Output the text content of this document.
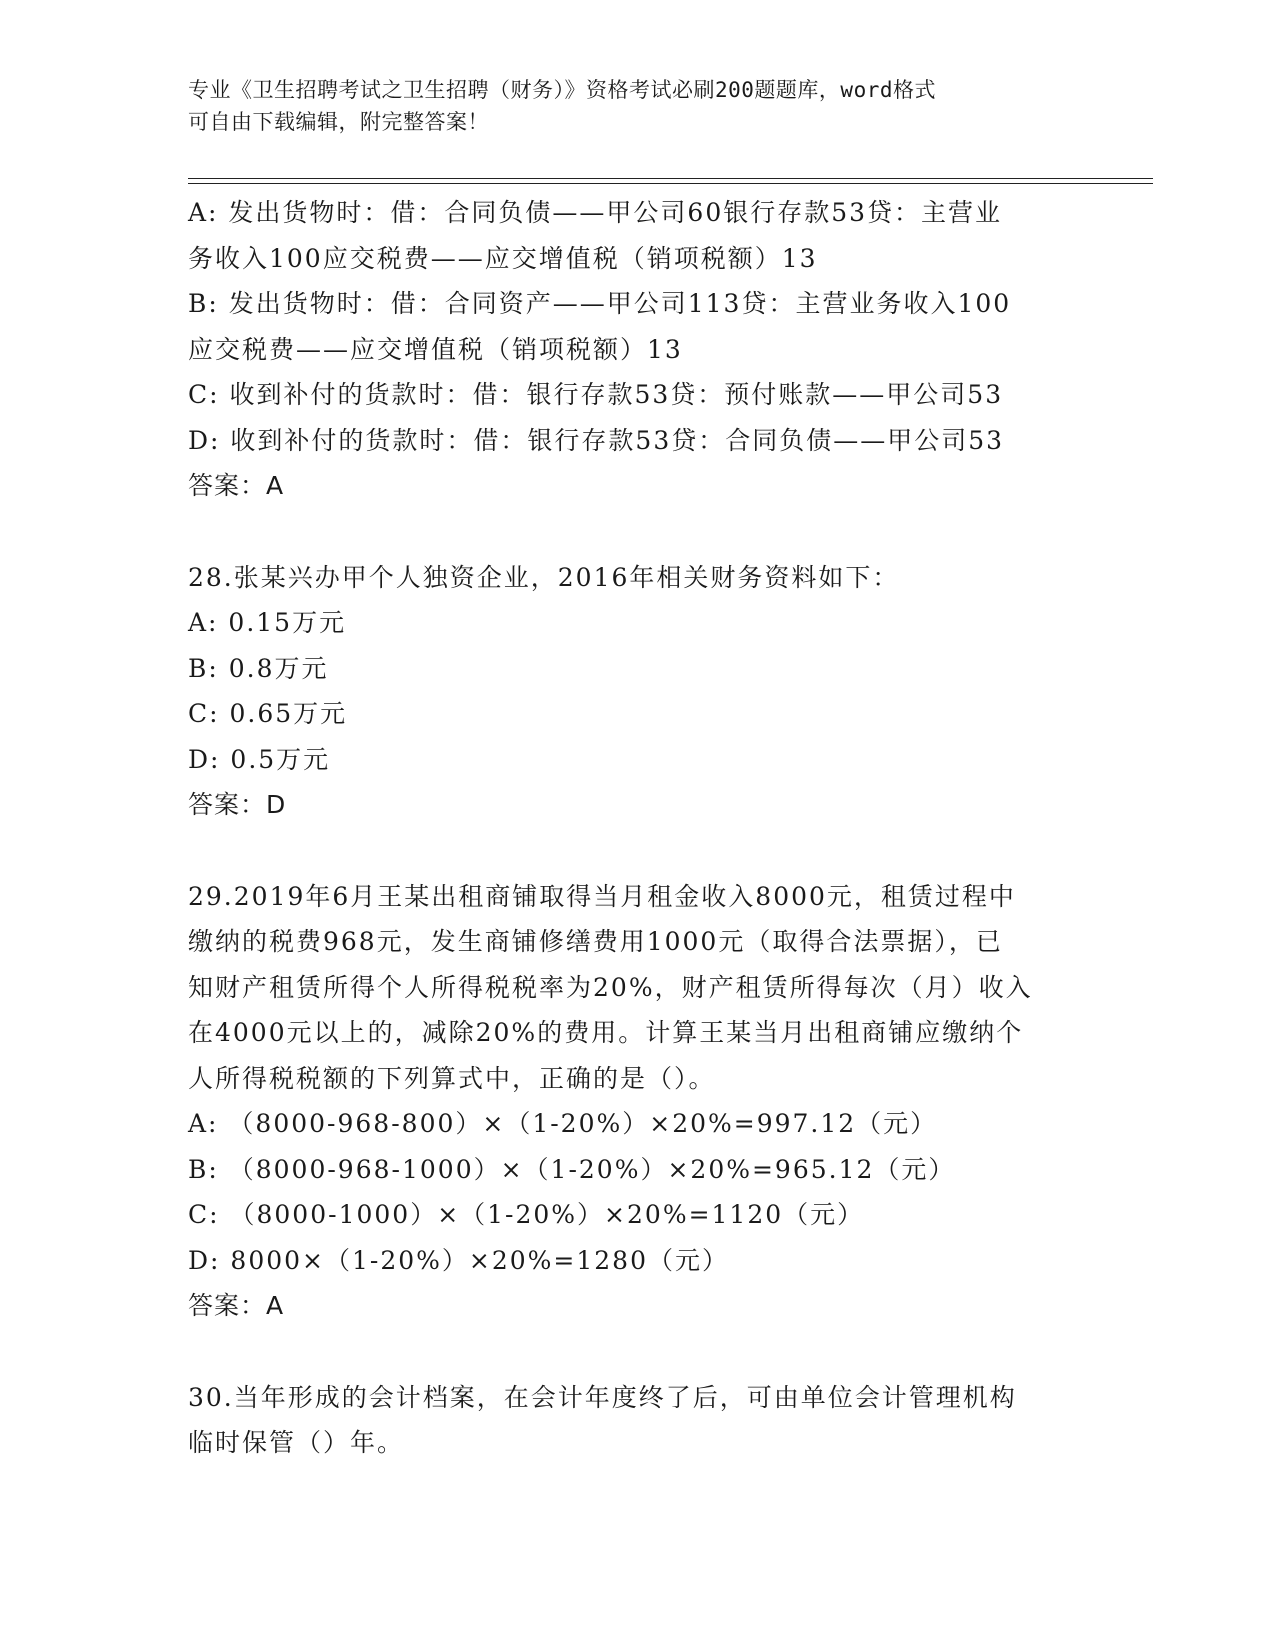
专业《卫生招聘考试之卫生招聘（财务）》资格考试必刷200题题库，word格式
可自由下载编辑，附完整答案！

A: 发出货物时：借：合同负债——甲公司60银行存款53贷：主营业

务收入100应交税费——应交增值税（销项税额）13

B: 发出货物时：借：合同资产——甲公司113贷：主营业务收入100

应交税费——应交增值税（销项税额）13

C: 收到补付的货款时：借：银行存款53贷：预付账款——甲公司53

D: 收到补付的货款时：借：银行存款53贷：合同负债——甲公司53

答案：A

28.张某兴办甲个人独资企业，2016年相关财务资料如下：

A: 0.15万元

B: 0.8万元

C: 0.65万元

D: 0.5万元

答案：D

29.2019年6月王某出租商铺取得当月租金收入8000元，租赁过程中

缴纳的税费968元，发生商铺修缮费用1000元（取得合法票据），已

知财产租赁所得个人所得税税率为20%，财产租赁所得每次（月）收入

在4000元以上的，减除20%的费用。计算王某当月出租商铺应缴纳个

人所得税税额的下列算式中，正确的是（）。

A: （8000-968-800）×（1-20%）×20%=997.12（元）

B: （8000-968-1000）×（1-20%）×20%=965.12（元）

C: （8000-1000）×（1-20%）×20%=1120（元）

D: 8000×（1-20%）×20%=1280（元）

答案：A

30.当年形成的会计档案，在会计年度终了后，可由单位会计管理机构

临时保管（）年。
